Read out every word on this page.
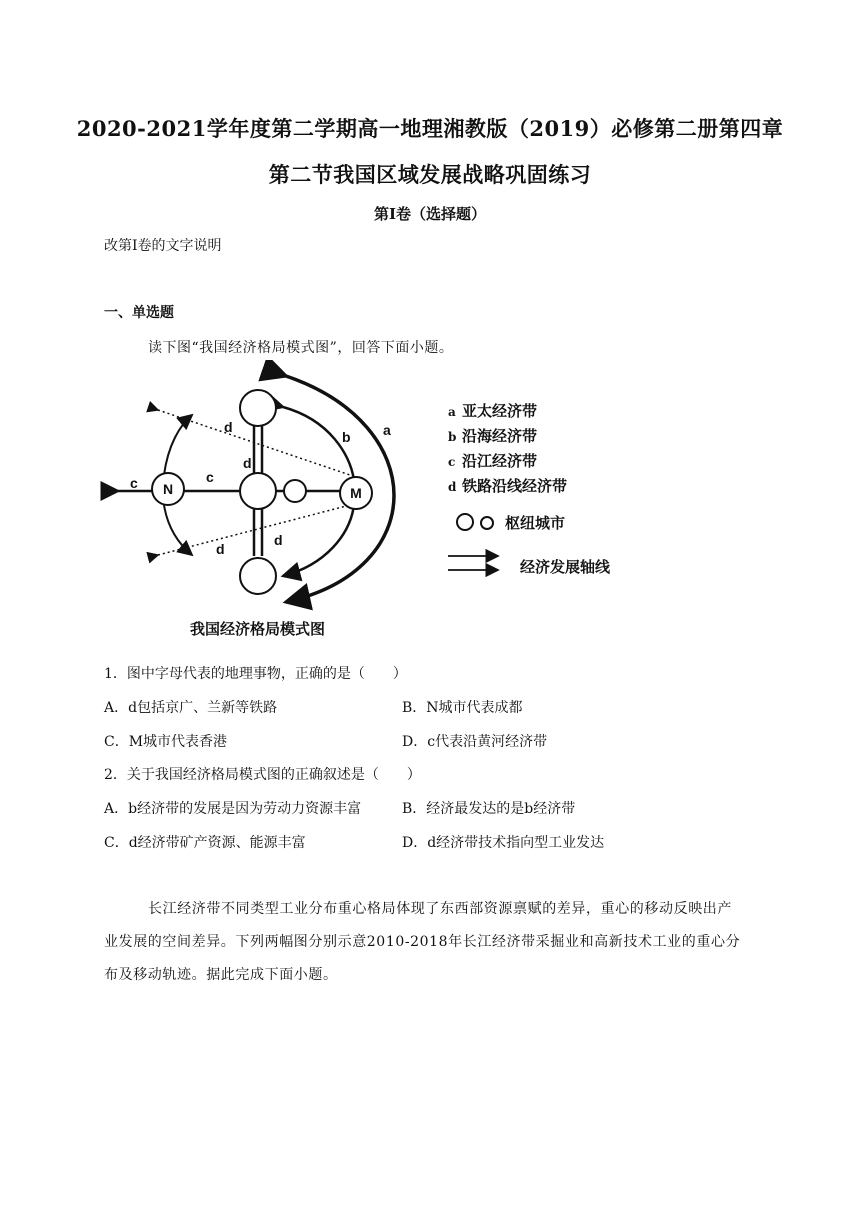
2020-2021学年度第二学期高一地理湘教版（2019）必修第二册第四章
第二节我国区域发展战略巩固练习
第I卷（选择题）
改第I卷的文字说明
一、单选题
读下图“我国经济格局模式图”，回答下面小题。
N	M
a
b
c	c
d
d
d
d
a 亚太经济带
b 沿海经济带
c 沿江经济带
d 铁路沿线经济带
枢纽城市
经济发展轴线
我国经济格局模式图
1．图中字母代表的地理事物，正确的是（　　）
A．d包括京广、兰新等铁路	B．N城市代表成都
C．M城市代表香港	D．c代表沿黄河经济带
2．关于我国经济格局模式图的正确叙述是（　　）
A．b经济带的发展是因为劳动力资源丰富	B．经济最发达的是b经济带
C．d经济带矿产资源、能源丰富	D．d经济带技术指向型工业发达
长江经济带不同类型工业分布重心格局体现了东西部资源禀赋的差异，重心的移动反映出产业发展的空间差异。下列两幅图分别示意2010-2018年长江经济带采掘业和高新技术工业的重心分布及移动轨迹。据此完成下面小题。
